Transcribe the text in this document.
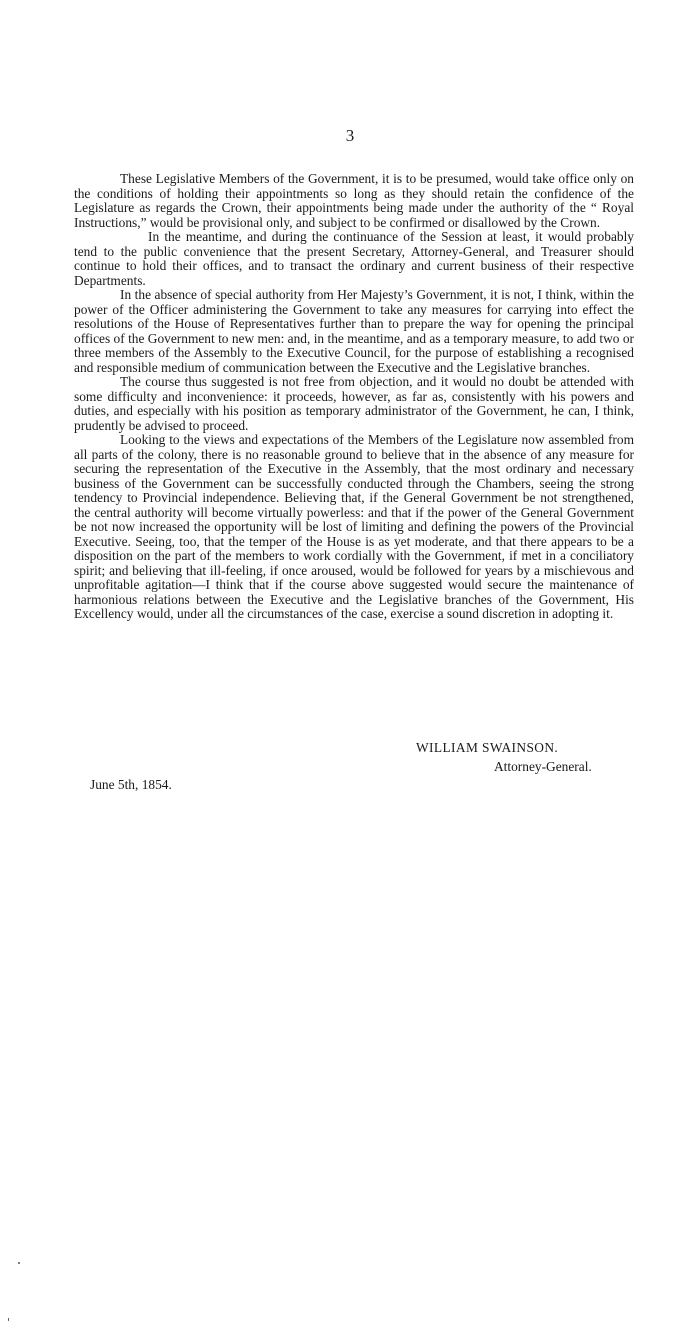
3

These Legislative Members of the Government, it is to be presumed, would take office only on the conditions of holding their appointments so long as they should retain the confidence of the Legislature as regards the Crown, their appointments being made under the authority of the “ Royal Instructions,” would be provisional only, and subject to be confirmed or disallowed by the Crown.

In the meantime, and during the continuance of the Session at least, it would probably tend to the public convenience that the present Secretary, Attorney-General, and Treasurer should continue to hold their offices, and to transact the ordinary and current business of their respective Departments.

In the absence of special authority from Her Majesty’s Government, it is not, I think, within the power of the Officer administering the Government to take any measures for carrying into effect the resolutions of the House of Representatives further than to prepare the way for opening the principal offices of the Government to new men: and, in the meantime, and as a temporary measure, to add two or three members of the Assembly to the Executive Council, for the purpose of establishing a recognised and responsible medium of communication between the Executive and the Legislative branches.

The course thus suggested is not free from objection, and it would no doubt be attended with some difficulty and inconvenience: it proceeds, however, as far as, consistently with his powers and duties, and especially with his position as temporary administrator of the Government, he can, I think, prudently be advised to proceed.

Looking to the views and expectations of the Members of the Legislature now assembled from all parts of the colony, there is no reasonable ground to believe that in the absence of any measure for securing the representation of the Executive in the Assembly, that the most ordinary and necessary business of the Government can be successfully conducted through the Chambers, seeing the strong tendency to Provincial independence. Believing that, if the General Government be not strengthened, the central authority will become virtually powerless: and that if the power of the General Government be not now increased the opportunity will be lost of limiting and defining the powers of the Provincial Executive. Seeing, too, that the temper of the House is as yet moderate, and that there appears to be a disposition on the part of the members to work cordially with the Government, if met in a conciliatory spirit; and believing that ill-feeling, if once aroused, would be followed for years by a mischievous and unprofitable agitation—I think that if the course above suggested would secure the maintenance of harmonious relations between the Executive and the Legislative branches of the Government, His Excellency would, under all the circumstances of the case, exercise a sound discretion in adopting it.

WILLIAM SWAINSON.
Attorney-General.
June 5th, 1854.
